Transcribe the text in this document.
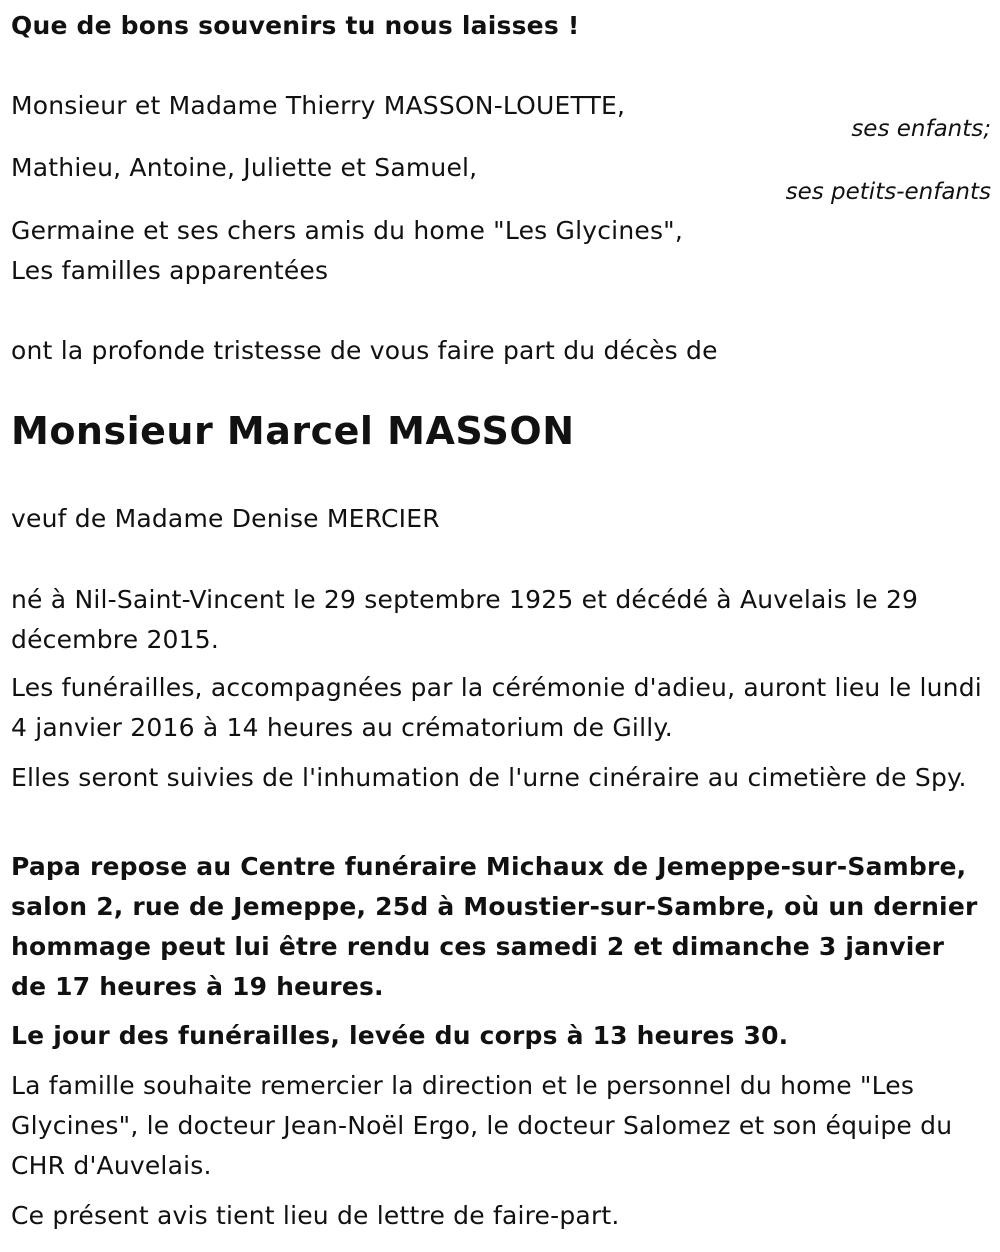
Que de bons souvenirs tu nous laisses !
Monsieur et Madame Thierry MASSON-LOUETTE,
ses enfants;
Mathieu, Antoine, Juliette et Samuel,
ses petits-enfants
Germaine et ses chers amis du home "Les Glycines",
Les familles apparentées
ont la profonde tristesse de vous faire part du décès de
Monsieur Marcel MASSON
veuf de Madame Denise MERCIER
né à Nil-Saint-Vincent le 29 septembre 1925 et décédé à Auvelais le 29 décembre 2015.
Les funérailles, accompagnées par la cérémonie d'adieu, auront lieu le lundi 4 janvier 2016 à 14 heures au crématorium de Gilly.
Elles seront suivies de l'inhumation de l'urne cinéraire au cimetière de Spy.
Papa repose au Centre funéraire Michaux de Jemeppe-sur-Sambre, salon 2, rue de Jemeppe, 25d à Moustier-sur-Sambre, où un dernier hommage peut lui être rendu ces samedi 2 et dimanche 3 janvier de 17 heures à 19 heures.
Le jour des funérailles, levée du corps à 13 heures 30.
La famille souhaite remercier la direction et le personnel du home "Les Glycines", le docteur Jean-Noël Ergo, le docteur Salomez et son équipe du CHR d'Auvelais.
Ce présent avis tient lieu de lettre de faire-part.
